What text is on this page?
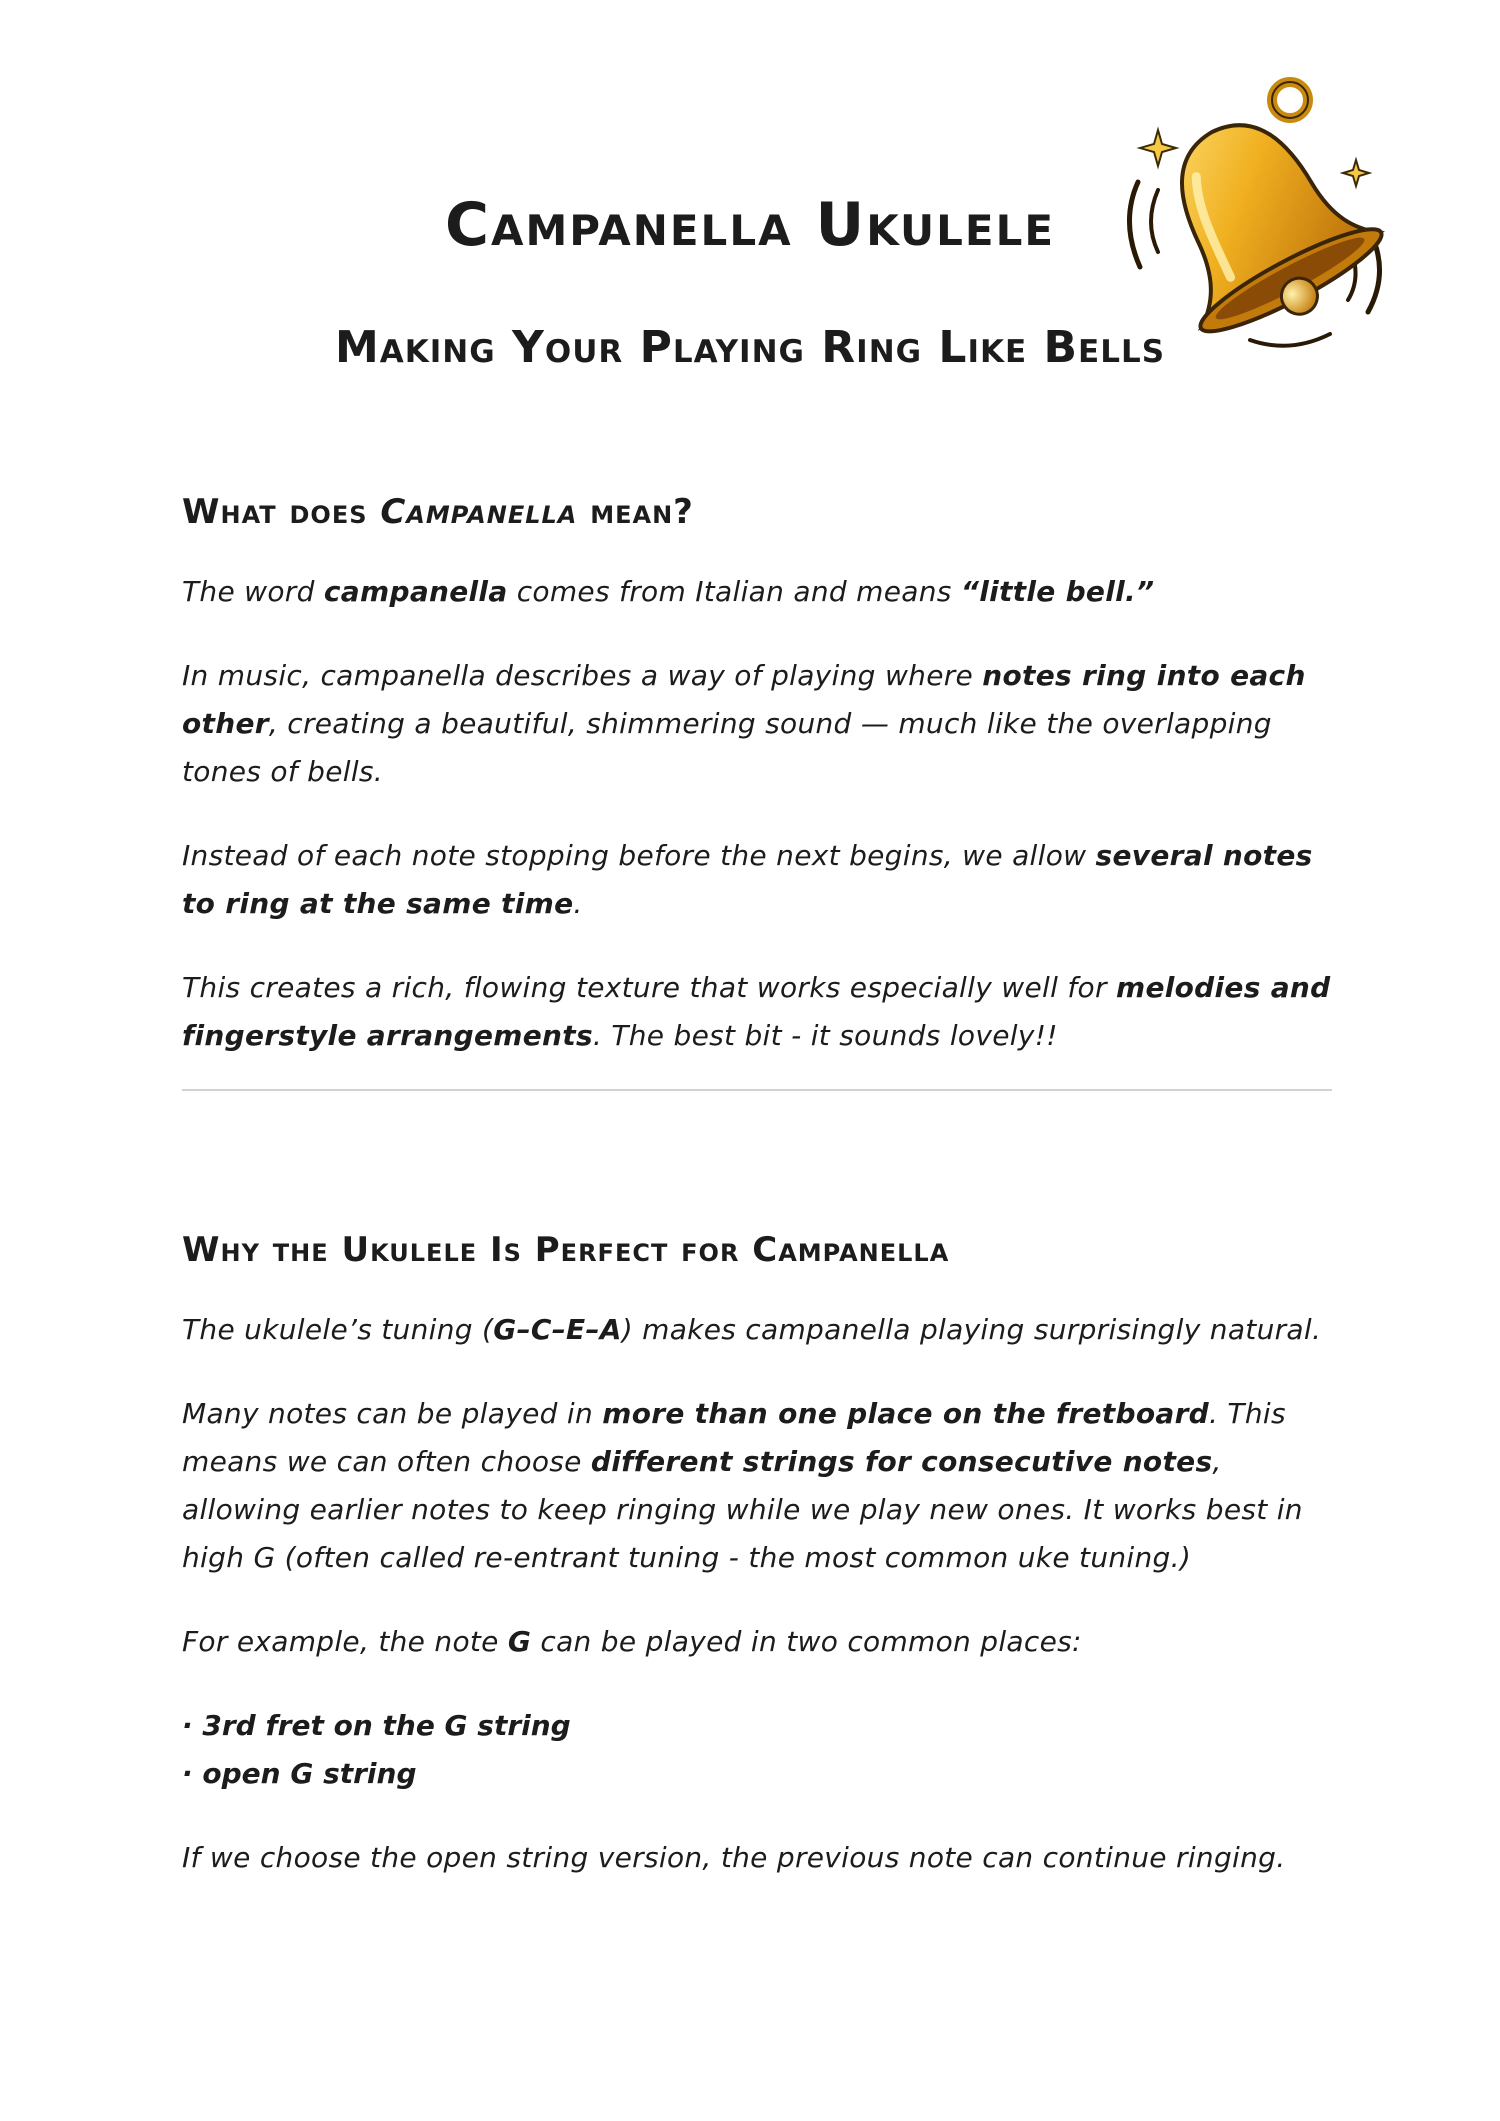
Campanella Ukulele
Making Your Playing Ring Like Bells
What does Campanella mean?

The word campanella comes from Italian and means “little bell.”

In music, campanella describes a way of playing where notes ring into each other, creating a beautiful, shimmering sound — much like the overlapping tones of bells.

Instead of each note stopping before the next begins, we allow several notes to ring at the same time.

This creates a rich, flowing texture that works especially well for melodies and fingerstyle arrangements. The best bit - it sounds lovely!!

Why the Ukulele Is Perfect for Campanella

The ukulele’s tuning (G–C–E–A) makes campanella playing surprisingly natural.

Many notes can be played in more than one place on the fretboard. This means we can often choose different strings for consecutive notes, allowing earlier notes to keep ringing while we play new ones. It works best in high G (often called re-entrant tuning - the most common uke tuning.)

For example, the note G can be played in two common places:

· 3rd fret on the G string
· open G string

If we choose the open string version, the previous note can continue ringing.
